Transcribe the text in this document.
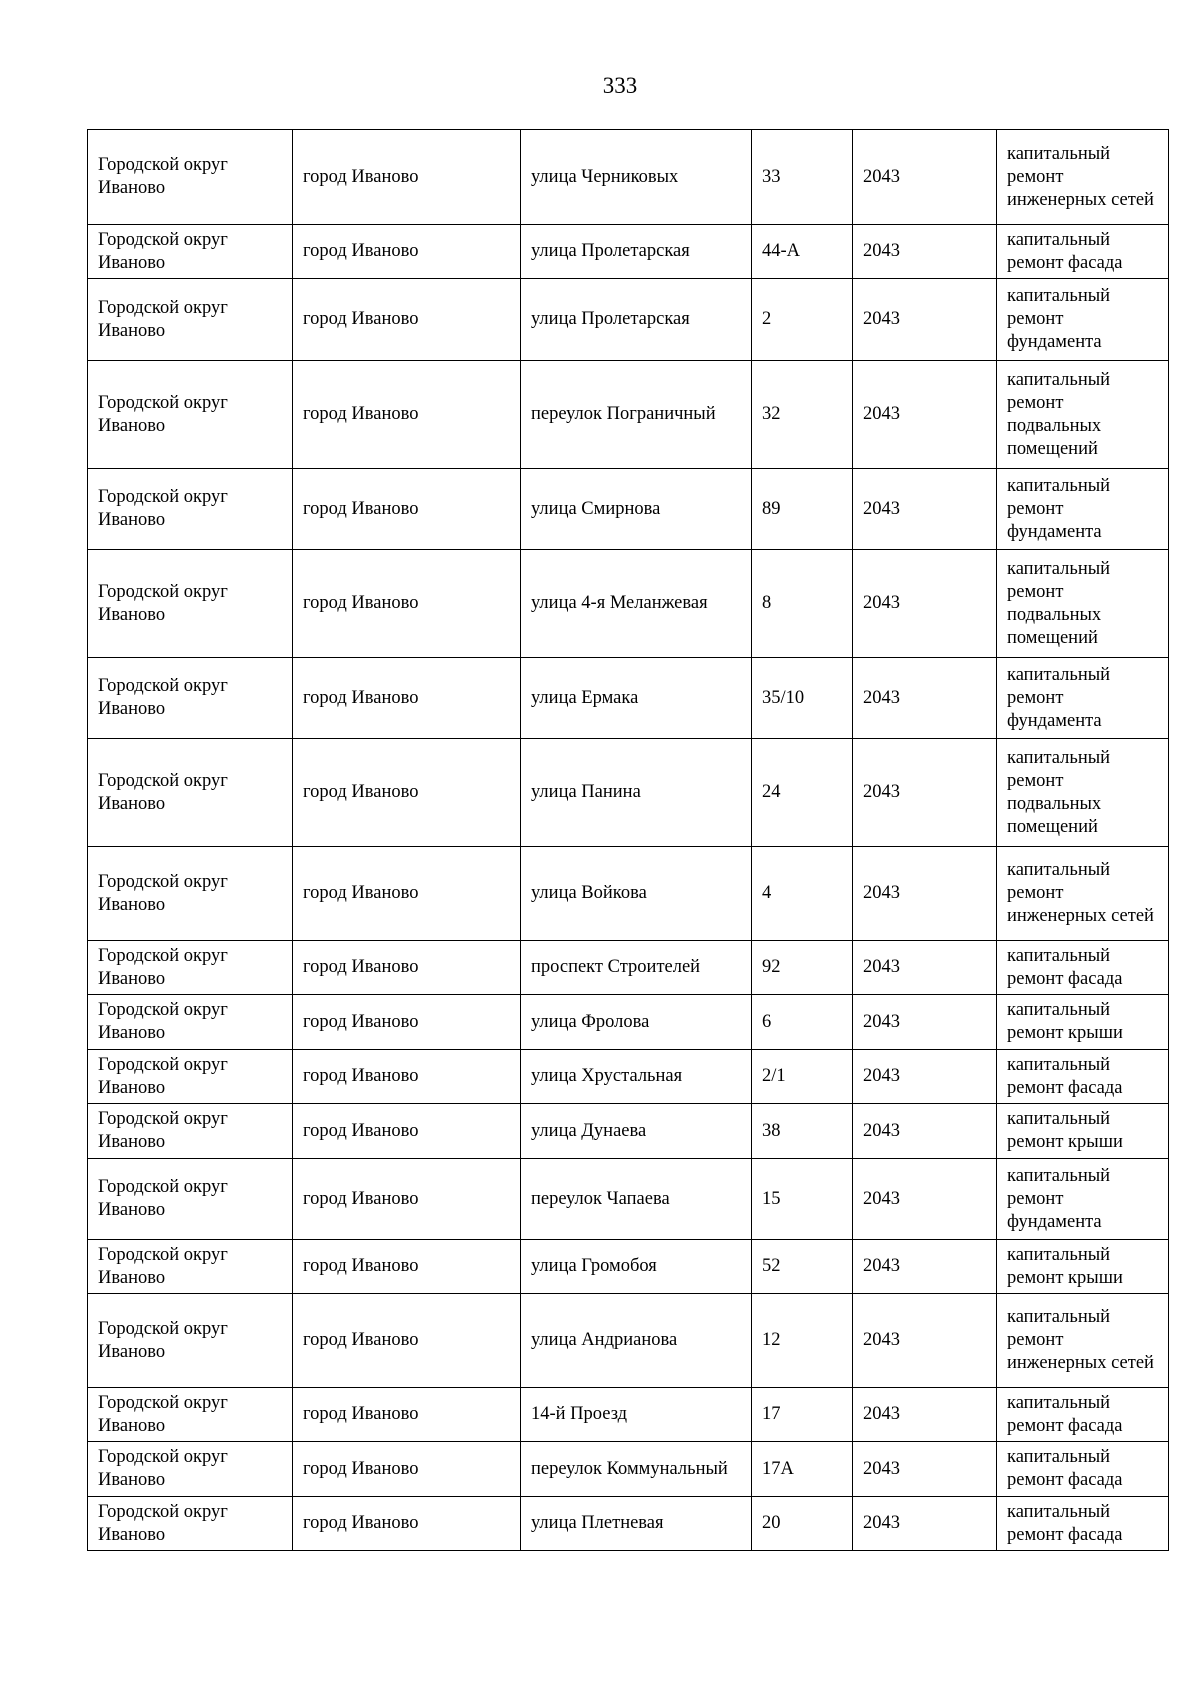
333
Городской округ Иваново	город Иваново	улица Черниковых	33	2043	капитальный ремонт инженерных сетей
Городской округ Иваново	город Иваново	улица Пролетарская	44-А	2043	капитальный ремонт фасада
Городской округ Иваново	город Иваново	улица Пролетарская	2	2043	капитальный ремонт фундамента
Городской округ Иваново	город Иваново	переулок Пограничный	32	2043	капитальный ремонт подвальных помещений
Городской округ Иваново	город Иваново	улица Смирнова	89	2043	капитальный ремонт фундамента
Городской округ Иваново	город Иваново	улица 4-я Меланжевая	8	2043	капитальный ремонт подвальных помещений
Городской округ Иваново	город Иваново	улица Ермака	35/10	2043	капитальный ремонт фундамента
Городской округ Иваново	город Иваново	улица Панина	24	2043	капитальный ремонт подвальных помещений
Городской округ Иваново	город Иваново	улица Войкова	4	2043	капитальный ремонт инженерных сетей
Городской округ Иваново	город Иваново	проспект Строителей	92	2043	капитальный ремонт фасада
Городской округ Иваново	город Иваново	улица Фролова	6	2043	капитальный ремонт крыши
Городской округ Иваново	город Иваново	улица Хрустальная	2/1	2043	капитальный ремонт фасада
Городской округ Иваново	город Иваново	улица Дунаева	38	2043	капитальный ремонт крыши
Городской округ Иваново	город Иваново	переулок Чапаева	15	2043	капитальный ремонт фундамента
Городской округ Иваново	город Иваново	улица Громобоя	52	2043	капитальный ремонт крыши
Городской округ Иваново	город Иваново	улица Андрианова	12	2043	капитальный ремонт инженерных сетей
Городской округ Иваново	город Иваново	14-й Проезд	17	2043	капитальный ремонт фасада
Городской округ Иваново	город Иваново	переулок Коммунальный	17А	2043	капитальный ремонт фасада
Городской округ Иваново	город Иваново	улица Плетневая	20	2043	капитальный ремонт фасада
